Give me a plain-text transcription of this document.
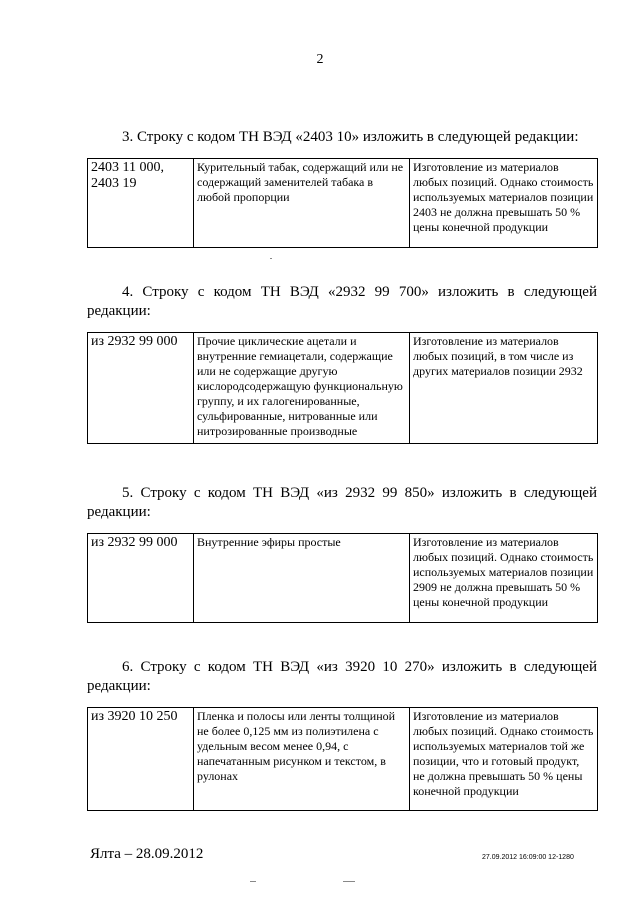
2
3. Строку с кодом ТН ВЭД «2403 10» изложить в следующей редакции:
2403 11 000,
2403 19	Курительный табак, содержащий или не содержащий заменителей табака в любой пропорции	Изготовление из материалов любых позиций. Однако стоимость используемых материалов позиции 2403 не должна превышать 50 % цены конечной продукции
4. Строку с кодом ТН ВЭД «2932 99 700» изложить в следующей редакции:
из 2932 99 000	Прочие циклические ацетали и внутренние гемиацетали, содержащие или не содержащие другую кислородсодержащую функциональную группу, и их галогенированные, сульфированные, нитрованные или нитрозированные производные	Изготовление из материалов любых позиций, в том числе из других материалов позиции 2932
5. Строку с кодом ТН ВЭД «из 2932 99 850» изложить в следующей редакции:
из 2932 99 000	Внутренние эфиры простые	Изготовление из материалов любых позиций. Однако стоимость используемых материалов позиции 2909 не должна превышать 50 % цены конечной продукции
6. Строку с кодом ТН ВЭД «из 3920 10 270» изложить в следующей редакции:
из 3920 10 250	Пленка и полосы или ленты толщиной не более 0,125 мм из полиэтилена с удельным весом менее 0,94, с напечатанным рисунком и текстом, в рулонах	Изготовление из материалов любых позиций. Однако стоимость используемых материалов той же позиции, что и готовый продукт, не должна превышать 50 % цены конечной продукции
Ялта – 28.09.2012	27.09.2012 16:09:00 12-1280
